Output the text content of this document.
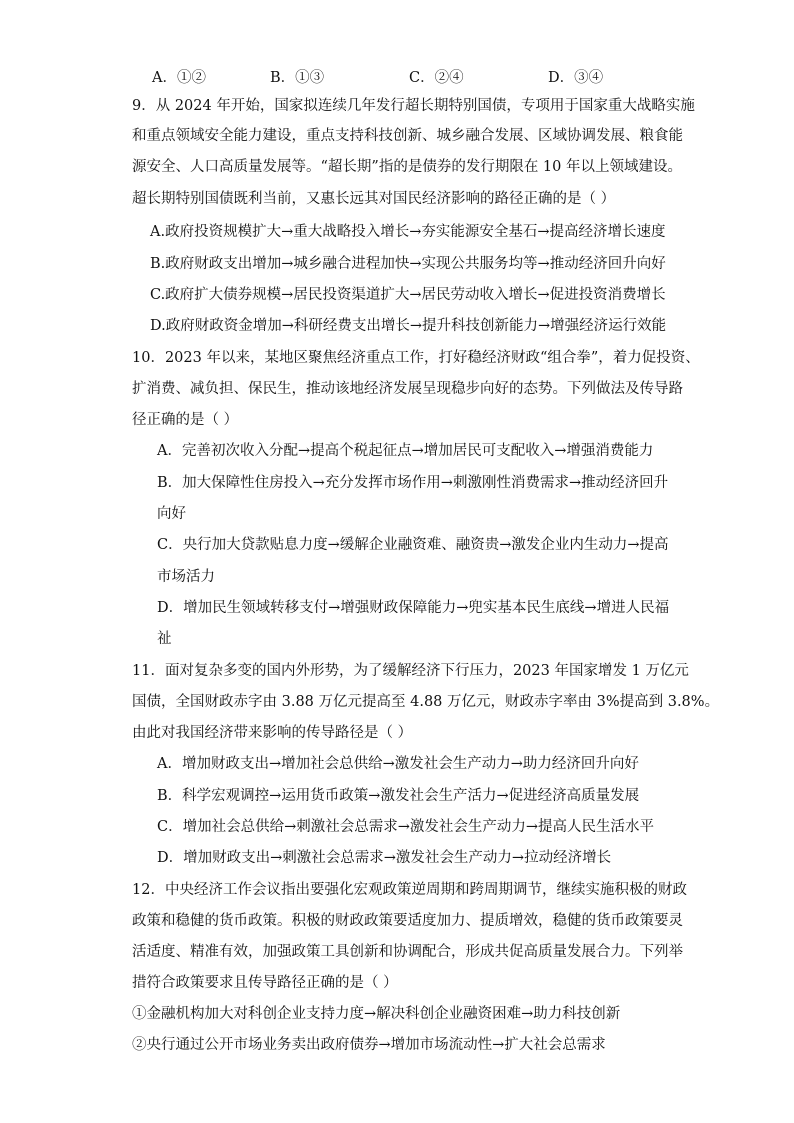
A．①②	B．①③	C．②④	D．③④
9．从 2024 年开始，国家拟连续几年发行超长期特别国债，专项用于国家重大战略实施
和重点领域安全能力建设，重点支持科技创新、城乡融合发展、区域协调发展、粮食能
源安全、人口高质量发展等。“超长期”指的是债券的发行期限在 10 年以上领域建设。
超长期特别国债既利当前，又惠长远其对国民经济影响的路径正确的是（ ）
A.政府投资规模扩大→重大战略投入增长→夯实能源安全基石→提高经济增长速度
B.政府财政支出增加→城乡融合进程加快→实现公共服务均等→推动经济回升向好
C.政府扩大债券规模→居民投资渠道扩大→居民劳动收入增长→促进投资消费增长
D.政府财政资金增加→科研经费支出增长→提升科技创新能力→增强经济运行效能
10．2023 年以来，某地区聚焦经济重点工作，打好稳经济财政“组合拳”，着力促投资、
扩消费、减负担、保民生，推动该地经济发展呈现稳步向好的态势。下列做法及传导路
径正确的是（ ）
A．完善初次收入分配→提高个税起征点→增加居民可支配收入→增强消费能力
B．加大保障性住房投入→充分发挥市场作用→刺激刚性消费需求→推动经济回升
向好
C．央行加大贷款贴息力度→缓解企业融资难、融资贵→激发企业内生动力→提高
市场活力
D．增加民生领域转移支付→增强财政保障能力→兜实基本民生底线→增进人民福
祉
11．面对复杂多变的国内外形势，为了缓解经济下行压力，2023 年国家增发 1 万亿元
国债，全国财政赤字由 3.88 万亿元提高至 4.88 万亿元，财政赤字率由 3%提高到 3.8%。
由此对我国经济带来影响的传导路径是（ ）
A．增加财政支出→增加社会总供给→激发社会生产动力→助力经济回升向好
B．科学宏观调控→运用货币政策→激发社会生产活力→促进经济高质量发展
C．增加社会总供给→刺激社会总需求→激发社会生产动力→提高人民生活水平
D．增加财政支出→刺激社会总需求→激发社会生产动力→拉动经济增长
12．中央经济工作会议指出要强化宏观政策逆周期和跨周期调节，继续实施积极的财政
政策和稳健的货币政策。积极的财政政策要适度加力、提质增效，稳健的货币政策要灵
活适度、精准有效，加强政策工具创新和协调配合，形成共促高质量发展合力。下列举
措符合政策要求且传导路径正确的是（ ）
①金融机构加大对科创企业支持力度→解决科创企业融资困难→助力科技创新
②央行通过公开市场业务卖出政府债券→增加市场流动性→扩大社会总需求
